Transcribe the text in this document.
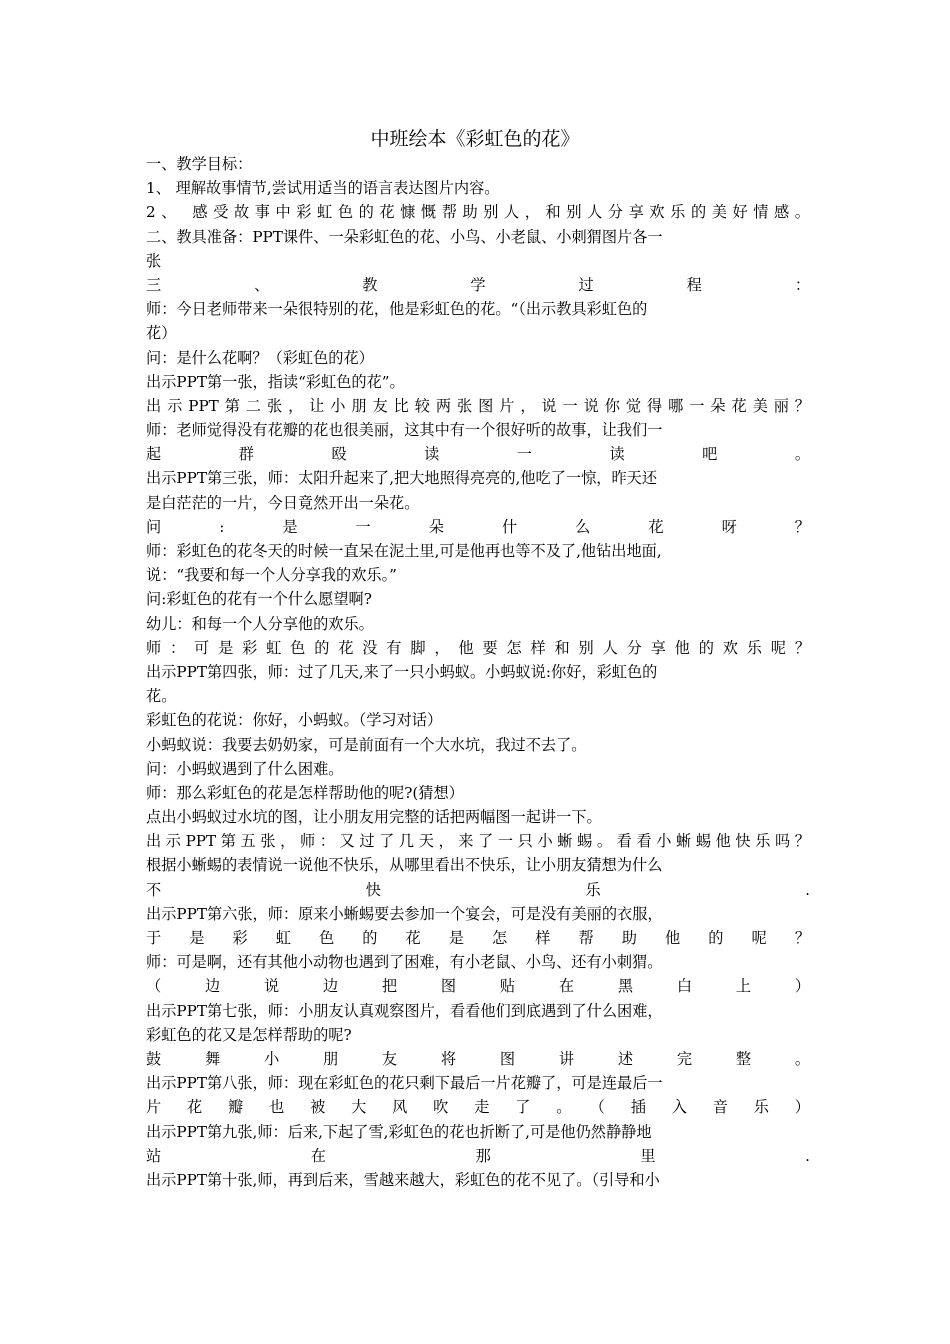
中班绘本《彩虹色的花》
一、教学目标：
1、 理解故事情节,尝试用适当的语言表达图片内容。
2、 感受故事中彩虹色的花慷慨帮助别人，和别人分享欢乐的美好情感。
二、教具准备：PPT课件、一朵彩虹色的花、小鸟、小老鼠、小刺猬图片各一
张
三、教学过程：
师：今日老师带来一朵很特别的花，他是彩虹色的花。“（出示教具彩虹色的
花）
问：是什么花啊？（彩虹色的花）
出示PPT第一张，指读“彩虹色的花”。
出示PPT第二张，让小朋友比较两张图片，说一说你觉得哪一朵花美丽？
师：老师觉得没有花瓣的花也很美丽，这其中有一个很好听的故事，让我们一
起群殴读一读吧。
出示PPT第三张，师：太阳升起来了,把大地照得亮亮的,他吃了一惊，昨天还
是白茫茫的一片，今日竟然开出一朵花。
问:是一朵什么花呀？
师：彩虹色的花冬天的时候一直呆在泥土里,可是他再也等不及了,他钻出地面,
说：“我要和每一个人分享我的欢乐。”
问:彩虹色的花有一个什么愿望啊?
幼儿：和每一个人分享他的欢乐。
师：可是彩虹色的花没有脚，他要怎样和别人分享他的欢乐呢？
出示PPT第四张，师：过了几天,来了一只小蚂蚁。小蚂蚁说:你好，彩虹色的
花。
彩虹色的花说：你好，小蚂蚁。（学习对话）
小蚂蚁说：我要去奶奶家，可是前面有一个大水坑，我过不去了。
问：小蚂蚁遇到了什么困难。
师：那么彩虹色的花是怎样帮助他的呢?(猜想）
点出小蚂蚁过水坑的图，让小朋友用完整的话把两幅图一起讲一下。
出示PPT第五张，师：又过了几天，来了一只小蜥蜴。看看小蜥蜴他快乐吗？
根据小蜥蜴的表情说一说他不快乐，从哪里看出不快乐，让小朋友猜想为什么
不快乐.
出示PPT第六张，师：原来小蜥蜴要去参加一个宴会，可是没有美丽的衣服，
于是彩虹色的花是怎样帮助他的呢？
师：可是啊，还有其他小动物也遇到了困难，有小老鼠、小鸟、还有小刺猬。
（边说边把图贴在黑白上）
出示PPT第七张，师：小朋友认真观察图片，看看他们到底遇到了什么困难，
彩虹色的花又是怎样帮助的呢?
鼓舞小朋友将图讲述完整。
出示PPT第八张，师：现在彩虹色的花只剩下最后一片花瓣了，可是连最后一
片花瓣也被大风吹走了。（插入音乐）
出示PPT第九张,师：后来,下起了雪,彩虹色的花也折断了,可是他仍然静静地
站在那里.
出示PPT第十张,师，再到后来，雪越来越大，彩虹色的花不见了。（引导和小
